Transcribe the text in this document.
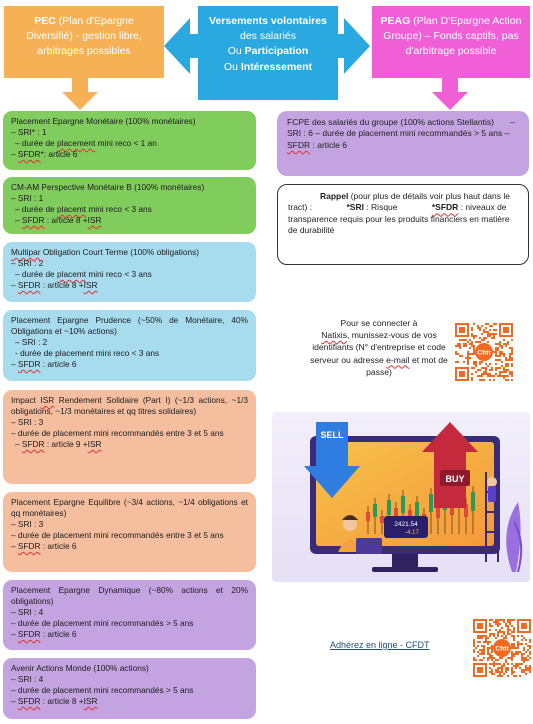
PEC (Plan d'Epargne Diversifié) - gestion libre, arbitrages possibles
Versements volontaires des salariés
Ou Participation
Ou Intéressement
PEAG (Plan D'Epargne Action Groupe) – Fonds captifs, pas d'arbitrage possible
Placement Epargne Monétaire (100% monétaires)
– SRI* : 1
– durée de placement mini reco < 1 an
– SFDR*: article 6
CM-AM Perspective Monétaire B (100% monétaires)
– SRI : 1
– durée de placemt mini reco < 3 ans
– SFDR : article 8 +ISR
Multipar Obligation Court Terme (100% obligations)
– SRI : 2
– durée de placemt mini reco < 3 ans
– SFDR : article 8 +ISR
Placement Epargne Prudence (~50% de Monétaire, 40% Obligations et ~10% actions)
– SRI : 2
- durée de placement mini reco < 3 ans
– SFDR : article 6
Impact ISR Rendement Solidaire (Part I) (~1/3 actions, ~1/3 obligations, ~1/3 monétaires et qq titres solidaires)
– SRI : 3
– durée de placement mini recommandés entre 3 et 5 ans
– SFDR : article 9 +ISR
Placement Epargne Equilibre (~3/4 actions, ~1/4 obligations et qq monétaires)
– SRI : 3
– durée de placement mini recommandés entre 3 et 5 ans
– SFDR : article 6
Placement Epargne Dynamique (~80% actions et 20% obligations)
– SRI : 4
– durée de placement mini recommandés > 5 ans
– SFDR : article 6
Avenir Actions Monde (100% actions)
– SRI : 4
– durée de placement mini recommandés > 5 ans
– SFDR : article 8 +ISR
FCPE des salariés du groupe (100% actions Stellantis) – SRI : 6 – durée de placement mini recommandés > 5 ans – SFDR : article 6
Rappel (pour plus de détails voir plus haut dans le tract) :	*SRI : Risque	*SFDR : niveaux de transparence requis pour les produits financiers en matière de durabilité
Pour se connecter à
Natixis, munissez-vous de vos identifiants (N° d'entreprise et code serveur ou adresse e-mail et mot de passe)
Cfdt
Cfdt
SELL
BUY
2421.54
-4.17
Adhérez en ligne - CFDT
